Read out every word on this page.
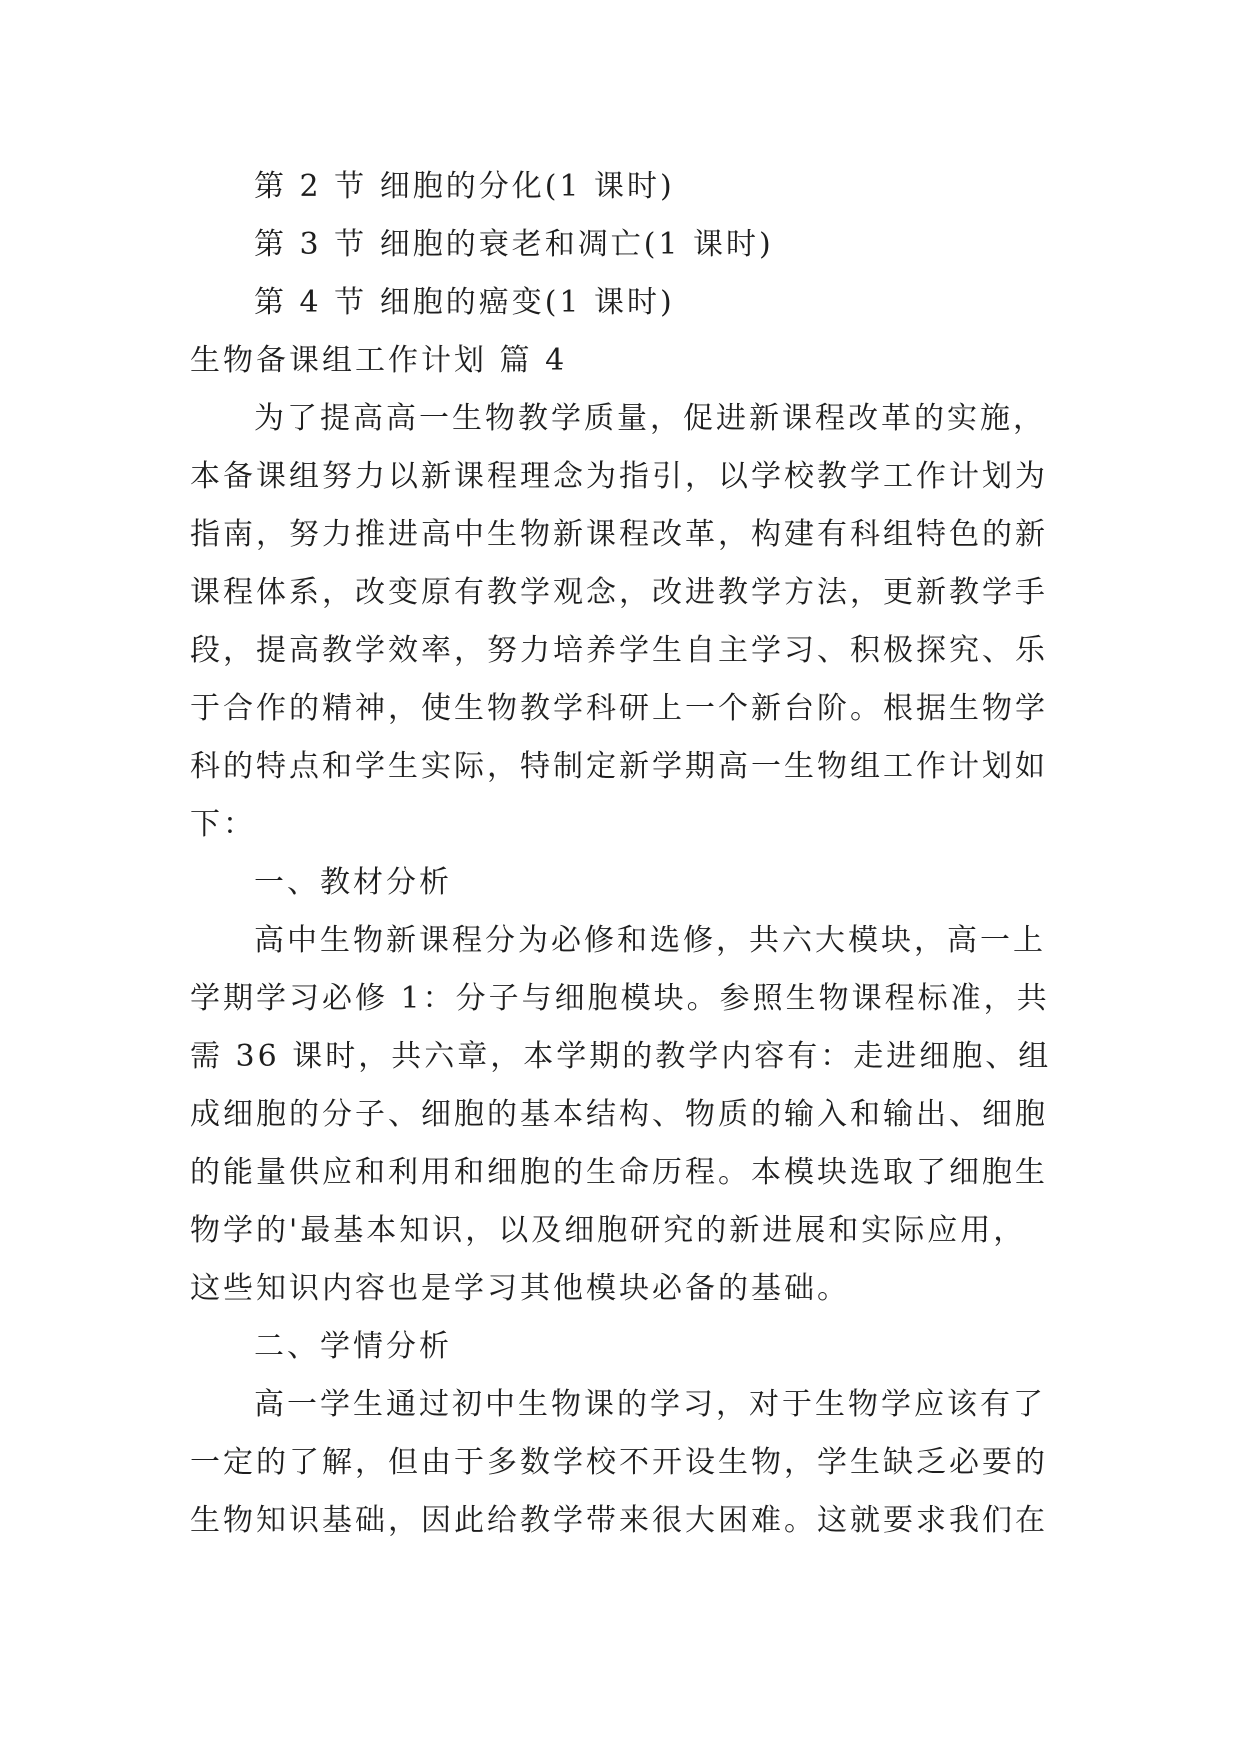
第 2 节 细胞的分化(1 课时)
第 3 节 细胞的衰老和凋亡(1 课时)
第 4 节 细胞的癌变(1 课时)
生物备课组工作计划 篇 4
为了提高高一生物教学质量，促进新课程改革的实施，
本备课组努力以新课程理念为指引，以学校教学工作计划为
指南，努力推进高中生物新课程改革，构建有科组特色的新
课程体系，改变原有教学观念，改进教学方法，更新教学手
段，提高教学效率，努力培养学生自主学习、积极探究、乐
于合作的精神，使生物教学科研上一个新台阶。根据生物学
科的特点和学生实际，特制定新学期高一生物组工作计划如
下：
一、教材分析
高中生物新课程分为必修和选修，共六大模块，高一上
学期学习必修 1：分子与细胞模块。参照生物课程标准，共
需 36 课时，共六章，本学期的教学内容有：走进细胞、组
成细胞的分子、细胞的基本结构、物质的输入和输出、细胞
的能量供应和利用和细胞的生命历程。本模块选取了细胞生
物学的'最基本知识，以及细胞研究的新进展和实际应用，
这些知识内容也是学习其他模块必备的基础。
二、学情分析
高一学生通过初中生物课的学习，对于生物学应该有了
一定的了解，但由于多数学校不开设生物，学生缺乏必要的
生物知识基础，因此给教学带来很大困难。这就要求我们在
